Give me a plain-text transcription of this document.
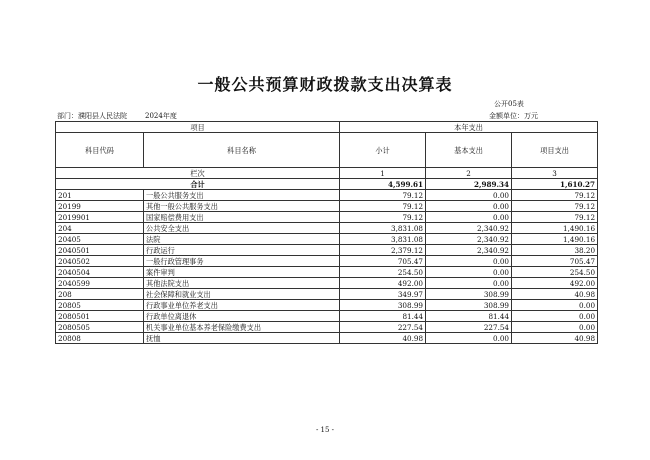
一般公共预算财政拨款支出决算表
公开05表
部门：濮阳县人民法院	2024年度	金额单位：万元
项目		本年支出		
科目代码	科目名称	小计	基本支出	项目支出
栏次		1	2	3
合计		4,599.61	2,989.34	1,610.27
201	一般公共服务支出	79.12	0.00	79.12
20199	其他一般公共服务支出	79.12	0.00	79.12
2019901	国家赔偿费用支出	79.12	0.00	79.12
204	公共安全支出	3,831.08	2,340.92	1,490.16
20405	法院	3,831.08	2,340.92	1,490.16
2040501	行政运行	2,379.12	2,340.92	38.20
2040502	一般行政管理事务	705.47	0.00	705.47
2040504	案件审判	254.50	0.00	254.50
2040599	其他法院支出	492.00	0.00	492.00
208	社会保障和就业支出	349.97	308.99	40.98
20805	行政事业单位养老支出	308.99	308.99	0.00
2080501	行政单位离退休	81.44	81.44	0.00
2080505	机关事业单位基本养老保险缴费支出	227.54	227.54	0.00
20808	抚恤	40.98	0.00	40.98
- 15 -
